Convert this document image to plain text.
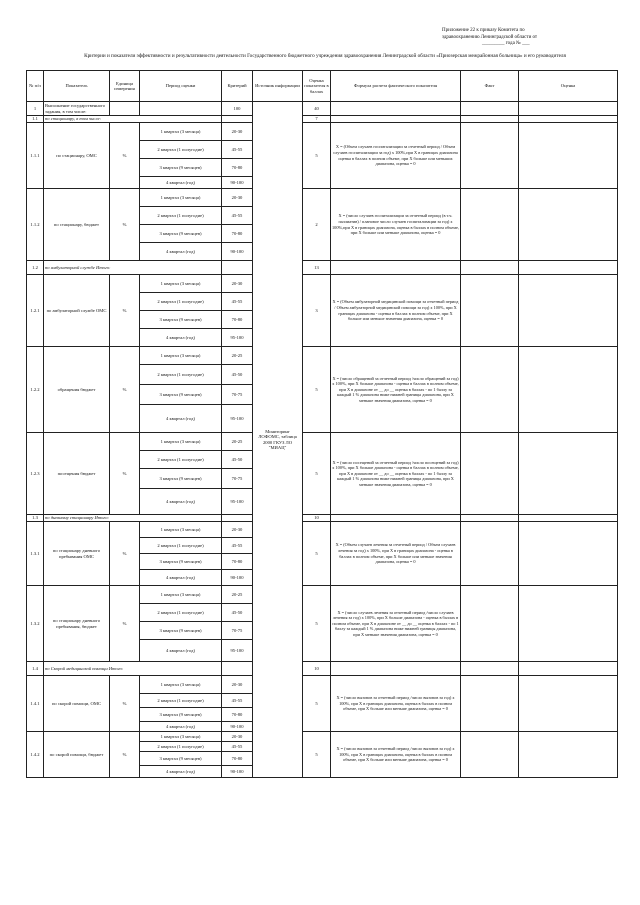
Приложение 22 к приказу Комитета по
здравоохранению Ленинградской области от
_________ года № ___
Критерии и показатели эффективности и результативности деятельности Государственного бюджетного учреждения здравоохранения Ленинградской области «Приозерская межрайонная больница» и его руководителя
№ п/п	Показатель	Единица измерения	Период оценки	Критерий	Источник информации	Оценка показателя в баллах	Формула расчета фактического показателя	Факт	Оценка
1	Выполнение государственного задания, в том числе:			100	Мониторинг ЛОФОМС, таблица 2000 ГКУЗ ЛО "МИАЦ"	40			
1.1	по стационару, в том числе:					7			
1.1.1	по стационару, ОМС	%	1 квартал (3 месяца)	20-30		5	Х = (Объем случаев госпитализации за отчетный период / Объем случаев госпитализации за год) х 100%,при Х в границах диапазона оценка в баллах в полном объеме, при Х больше или меньших диапазона, оценка = 0		
			2 квартал (1 полугодие)	45-55					
			3 квартал (9 месяцев)	70-80					
			4 квартал (год)	90-100					
1.1.2	по стационару, бюджет	%	1 квартал (3 месяца)	20-30		2	Х = (число случаев госпитализации за отчетный период (в т.ч. паллиатив) / плановое число случаев госпитализации за год) х 100%,при Х в границах диапазона, оценка в баллах в полном объеме, при Х больше или меньше диапазона, оценка = 0		
			2 квартал (1 полугодие)	45-55					
			3 квартал (9 месяцев)	70-80					
			4 квартал (год)	90-100					
1.2	по амбулаторной службе Итого:					13			
1.2.1	по амбулаторной службе ОМС	%	1 квартал (3 месяца)	20-30		3	Х = (Объем амбулаторной медицинской помощи за отчетный период / Объем амбулаторной медицинской помощи за год) х 100%, при Х границах диапазона - оценка в баллах в полном объеме, при Х больше или меньше значения диапазона, оценка = 0		
			2 квартал (1 полугодие)	45-55					
			3 квартал (9 месяцев)	70-80					
			4 квартал (год)	95-100					
1.2.2	обращения бюджет	%	1 квартал (3 месяца)	20-25		5	Х = (число обращений за отчетный период /число обращений за год) х 100%, при Х больше диапазона - оценка в баллах в полном объеме, при Х в диапазоне от __ до __ оценка в баллах - по 1 баллу за каждый 1 % диапазона ниже нижней границы диапазона, при Х меньше значения диапазона, оценка = 0		
			2 квартал (1 полугодие)	45-50					
			3 квартал (9 месяцев)	70-75					
			4 квартал (год)	95-100					
1.2.3	посещения бюджет	%	1 квартал (3 месяца)	20-25		5	Х = (число посещений за отчетный период /число посещений за год) х 100%, при Х больше диапазона - оценка в баллах в полном объеме, при Х в диапазоне от __ до __ оценка в баллах - по 1 баллу за каждый 1 % диапазона ниже нижней границы диапазона, при Х меньше значения диапазона, оценка = 0		
			2 квартал (1 полугодие)	45-50					
			3 квартал (9 месяцев)	70-75					
			4 квартал (год)	95-100					
1.3	по дневному стационару Итого:					10			
1.3.1	по стационару дневного пребывания ОМС	%	1 квартал (3 месяца)	20-30		5	Х = (Объем случаев лечения за отчетный период / Объем случаев лечения за год) х 100%, при Х в границах диапазона - оценка в баллах в полном объеме, при Х больше или меньше значения диапазона, оценка = 0		
			2 квартал (1 полугодие)	45-55					
			3 квартал (9 месяцев)	70-80					
			4 квартал (год)	90-100					
1.3.2	по стационару дневного пребывания, бюджет	%	1 квартал (3 месяца)	20-25		5	Х = (число случаев лечения за отчетный период /число случаев лечения за год) х 100%, при Х больше диапазона - оценка в баллах в полном объеме, при Х в диапазоне от __ до __ оценка в баллах - по 1 баллу за каждый 1 % диапазона ниже нижней границы диапазона, при Х меньше значения диапазона, оценка = 0		
			2 квартал (1 полугодие)	45-50					
			3 квартал (9 месяцев)	70-75					
			4 квартал (год)	95-100					
1.4	по Скорой медицинской помощи Итого:					10			
1.4.1	по скорой помощи, ОМС	%	1 квартал (3 месяца)	20-30		5	Х = (число вызовов за отчетный период /число вызовов за год) х 100%, при Х в границах диапазона, оценка в баллах в полном объеме, при Х больше или меньше диапазона, оценка = 0		
			2 квартал (1 полугодие)	45-55					
			3 квартал (9 месяцев)	70-80					
			4 квартал (год)	90-100					
1.4.2	по скорой помощи, бюджет	%	1 квартал (3 месяца)	20-30		5	Х = (число вызовов за отчетный период /число вызовов за год) х 100%, при Х в границах диапазона, оценка в баллах в полном объеме, при Х больше или меньше диапазона, оценка = 0		
			2 квартал (1 полугодие)	45-55					
			3 квартал (9 месяцев)	70-80					
			4 квартал (год)	90-100					
